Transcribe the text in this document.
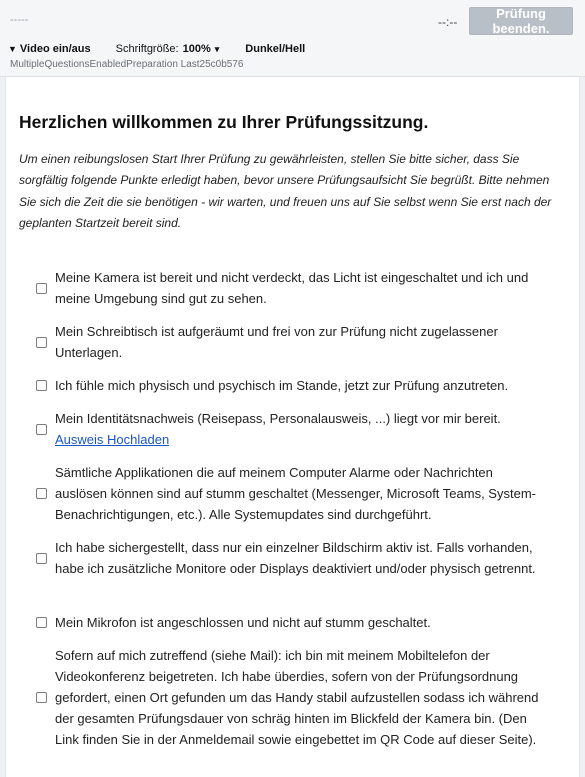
-----	--:--
Prüfung beenden.
▼ Video ein/aus Schriftgröße: 100% ▾ Dunkel/Hell
MultipleQuestionsEnabledPreparation Last25c0b576
Herzlichen willkommen zu Ihrer Prüfungssitzung.

Um einen reibungslosen Start Ihrer Prüfung zu gewährleisten, stellen Sie bitte sicher, dass Sie sorgfältig folgende Punkte erledigt haben, bevor unsere Prüfungsaufsicht Sie begrüßt. Bitte nehmen Sie sich die Zeit die sie benötigen - wir warten, und freuen uns auf Sie selbst wenn Sie erst nach der geplanten Startzeit bereit sind.

Meine Kamera ist bereit und nicht verdeckt, das Licht ist eingeschaltet und ich und meine Umgebung sind gut zu sehen.
Mein Schreibtisch ist aufgeräumt und frei von zur Prüfung nicht zugelassener Unterlagen.
Ich fühle mich physisch und psychisch im Stande, jetzt zur Prüfung anzutreten.
Mein Identitätsnachweis (Reisepass, Personalausweis, ...) liegt vor mir bereit.
Ausweis Hochladen
Sämtliche Applikationen die auf meinem Computer Alarme oder Nachrichten auslösen können sind auf stumm geschaltet (Messenger, Microsoft Teams, System-Benachrichtigungen, etc.). Alle Systemupdates sind durchgeführt.
Ich habe sichergestellt, dass nur ein einzelner Bildschirm aktiv ist. Falls vorhanden, habe ich zusätzliche Monitore oder Displays deaktiviert und/oder physisch getrennt.
Mein Mikrofon ist angeschlossen und nicht auf stumm geschaltet.
Sofern auf mich zutreffend (siehe Mail): ich bin mit meinem Mobiltelefon der Videokonferenz beigetreten. Ich habe überdies, sofern von der Prüfungsordnung gefordert, einen Ort gefunden um das Handy stabil aufzustellen sodass ich während der gesamten Prüfungsdauer von schräg hinten im Blickfeld der Kamera bin. (Den Link finden Sie in der Anmeldemail sowie eingebettet im QR Code auf dieser Seite).
